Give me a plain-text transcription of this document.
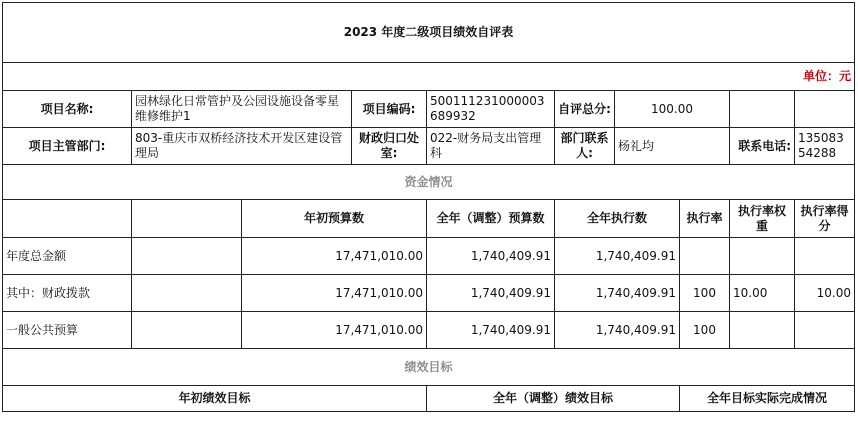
2023 年度二级项目绩效自评表									
单位：元									
项目名称:	园林绿化日常管护及公园设施设备零星维修维护1		项目编码:	500111231000003689932	自评总分:	100.00			
项目主管部门:	803-重庆市双桥经济技术开发区建设管理局		财政归口处室:	022-财务局支出管理科	部门联系人:	杨礼均		联系电话:	13508354288
资金情况									
		年初预算数		全年（调整）预算数	全年执行数		执行率	执行率权重	执行率得分
年度总金额		17,471,010.00		1,740,409.91	1,740,409.91				
其中：财政拨款		17,471,010.00		1,740,409.91	1,740,409.91		100	10.00	10.00
一般公共预算		17,471,010.00		1,740,409.91	1,740,409.91		100		
绩效目标									
年初绩效目标				全年（调整）绩效目标			全年目标实际完成情况		
